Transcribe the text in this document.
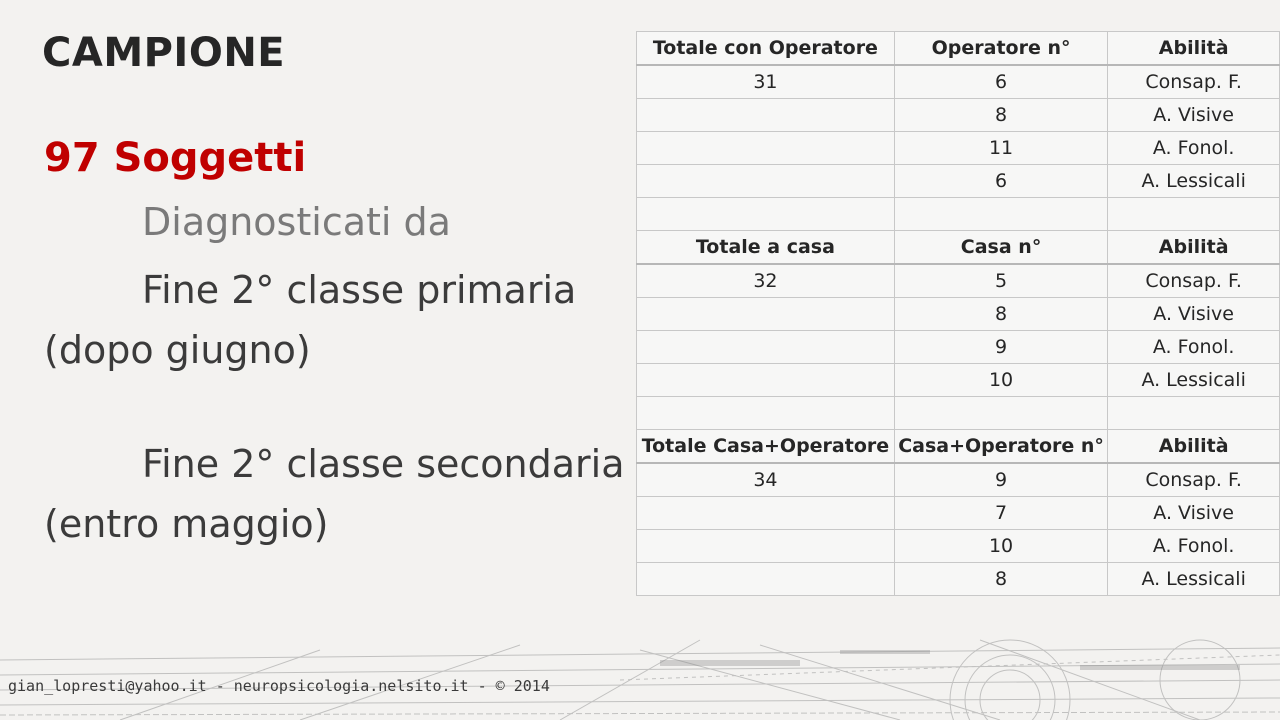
CAMPIONE
97 Soggetti
Diagnosticati da
Fine 2° classe primaria
(dopo giugno)
Fine 2° classe secondaria
(entro maggio)
Totale con Operatore	Operatore n°	Abilità
31	6	Consap. F.
	8	A. Visive
	11	A. Fonol.
	6	A. Lessicali

Totale a casa	Casa n°	Abilità
32	5	Consap. F.
	8	A. Visive
	9	A. Fonol.
	10	A. Lessicali

Totale Casa+Operatore	Casa+Operatore n°	Abilità
34	9	Consap. F.
	7	A. Visive
	10	A. Fonol.
	8	A. Lessicali
gian_lopresti@yahoo.it - neuropsicologia.nelsito.it - © 2014
